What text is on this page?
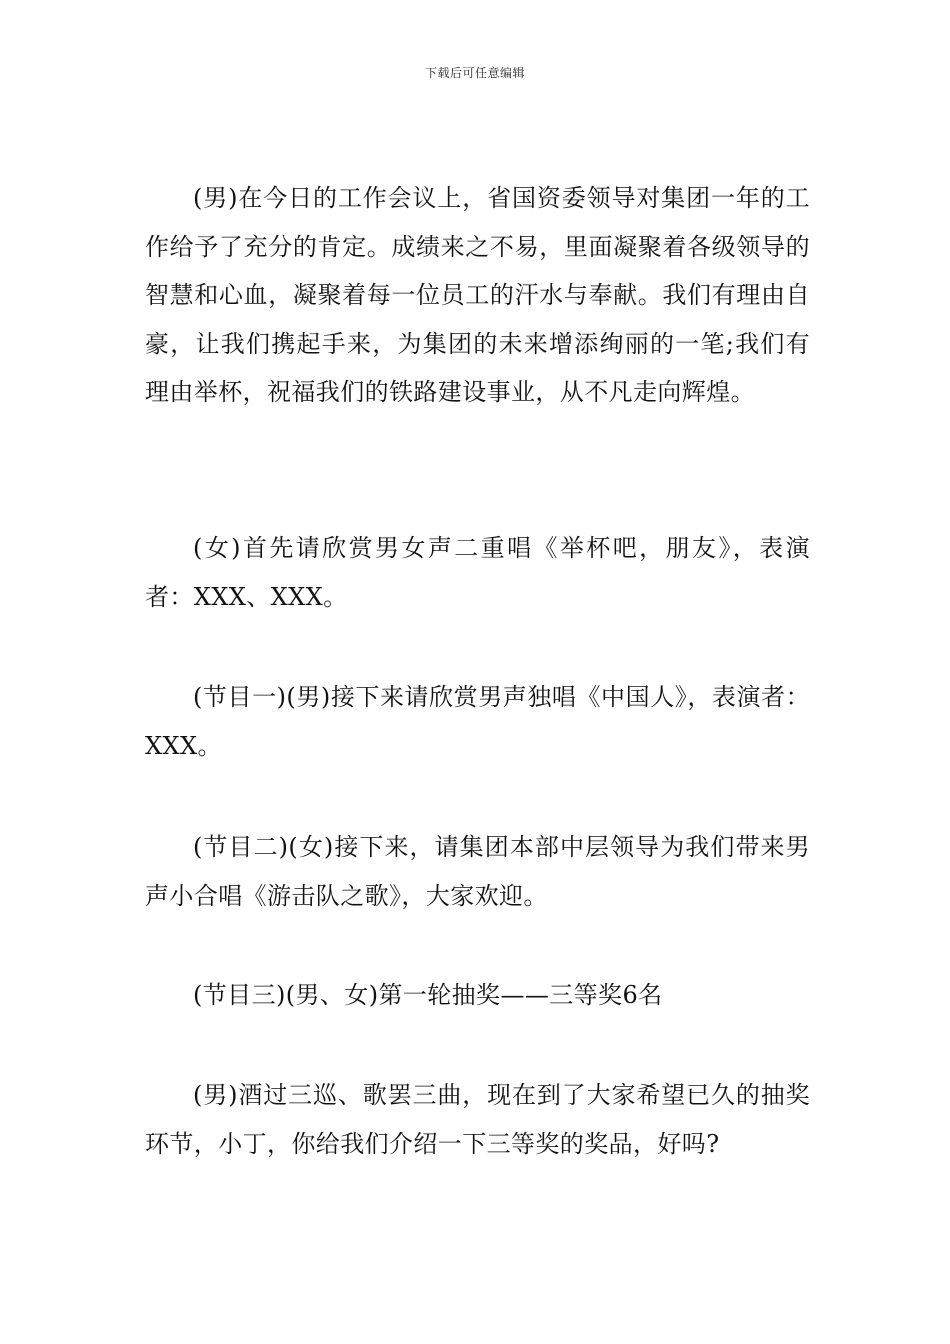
下载后可任意编辑

(男)在今日的工作会议上，省国资委领导对集团一年的工作给予了充分的肯定。成绩来之不易，里面凝聚着各级领导的智慧和心血，凝聚着每一位员工的汗水与奉献。我们有理由自豪，让我们携起手来，为集团的未来增添绚丽的一笔;我们有理由举杯，祝福我们的铁路建设事业，从不凡走向辉煌。

(女)首先请欣赏男女声二重唱《举杯吧，朋友》，表演者：XXX、XXX。

(节目一)(男)接下来请欣赏男声独唱《中国人》，表演者：XXX。

(节目二)(女)接下来，请集团本部中层领导为我们带来男声小合唱《游击队之歌》，大家欢迎。

(节目三)(男、女)第一轮抽奖——三等奖6名

(男)酒过三巡、歌罢三曲，现在到了大家希望已久的抽奖环节，小丁，你给我们介绍一下三等奖的奖品，好吗?
